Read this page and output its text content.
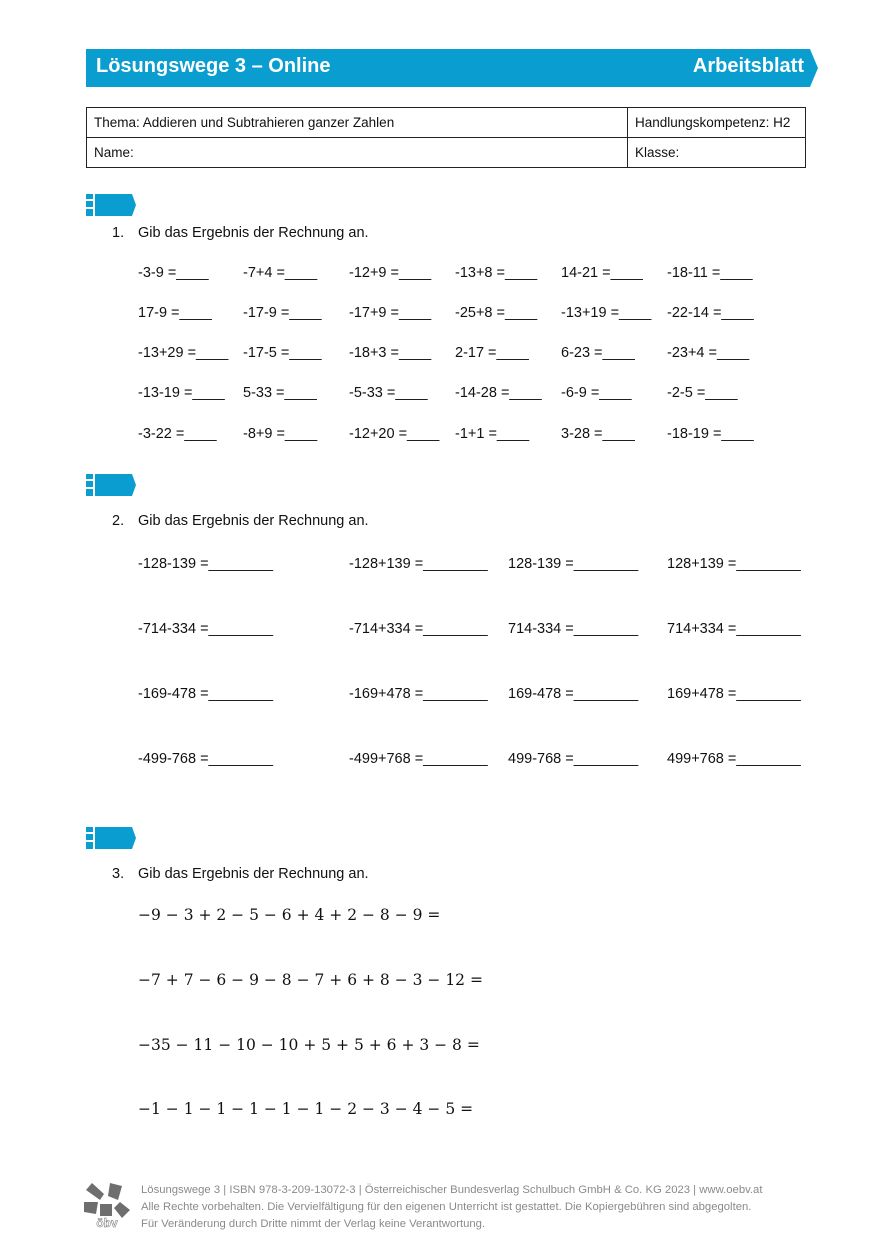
Lösungswege 3 – Online	Arbeitsblatt
Thema: Addieren und Subtrahieren ganzer Zahlen	Handlungskompetenz: H2
Name:	Klasse:
1. Gib das Ergebnis der Rechnung an.
-3-9 =____ -7+4 =____ -12+9 =____ -13+8 =____ 14-21 =____ -18-11 =____
17-9 =____ -17-9 =____ -17+9 =____ -25+8 =____ -13+19 =____ -22-14 =____
-13+29 =____ -17-5 =____ -18+3 =____ 2-17 =____ 6-23 =____ -23+4 =____
-13-19 =____ 5-33 =____ -5-33 =____ -14-28 =____ -6-9 =____ -2-5 =____
-3-22 =____ -8+9 =____ -12+20 =____ -1+1 =____ 3-28 =____ -18-19 =____
2. Gib das Ergebnis der Rechnung an.
-128-139 =________	-128+139 =________ 128-139 =________ 128+139 =________
-714-334 =________	-714+334 =________ 714-334 =________ 714+334 =________
-169-478 =________	-169+478 =________ 169-478 =________ 169+478 =________
-499-768 =________	-499+768 =________ 499-768 =________ 499+768 =________
3. Gib das Ergebnis der Rechnung an.
−9 − 3 + 2 − 5 − 6 + 4 + 2 − 8 − 9 =
−7 + 7 − 6 − 9 − 8 − 7 + 6 + 8 − 3 − 12 =
−35 − 11 − 10 − 10 + 5 + 5 + 6 + 3 − 8 =
−1 − 1 − 1 − 1 − 1 − 1 − 2 − 3 − 4 − 5 =
öbv
Lösungswege 3 | ISBN 978-3-209-13072-3 | Österreichischer Bundesverlag Schulbuch GmbH & Co. KG 2023 | www.oebv.at
Alle Rechte vorbehalten. Die Vervielfältigung für den eigenen Unterricht ist gestattet. Die Kopiergebühren sind abgegolten.
Für Veränderung durch Dritte nimmt der Verlag keine Verantwortung.
